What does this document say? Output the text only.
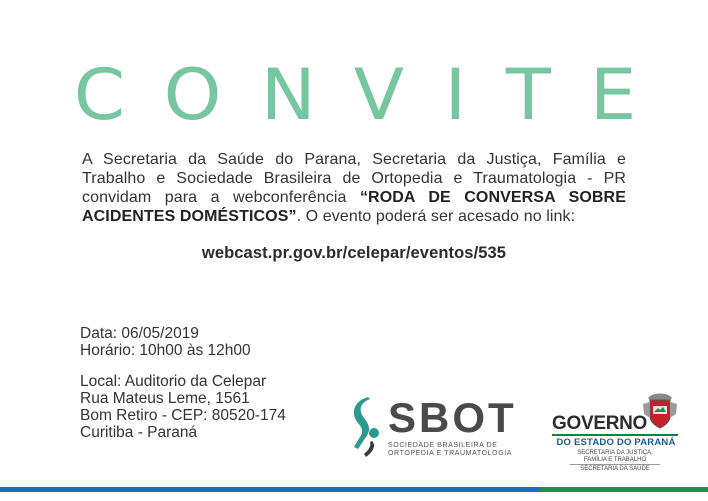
C O N V I T E
A Secretaria da Saúde do Parana, Secretaria da Justiça, Família e Trabalho e Sociedade Brasileira de Ortopedia e Traumatologia - PR convidam para a webconferência “RODA DE CONVERSA SOBRE ACIDENTES DOMÉSTICOS”. O evento poderá ser acesado no link:
webcast.pr.gov.br/celepar/eventos/535
Data: 06/05/2019
Horário: 10h00 às 12h00
Local: Auditorio da Celepar
Rua Mateus Leme, 1561
Bom Retiro - CEP: 80520-174
Curitiba - Paraná	SBOT
SOCIEDADE BRASILEIRA DE
ORTOPEDIA E TRAUMATOLOGIA
GOVERNO
DO ESTADO DO PARANÁ
SECRETARIA DA JUSTIÇA,
FAMÍLIA E TRABALHO
SECRETARIA DA SAÚDE
